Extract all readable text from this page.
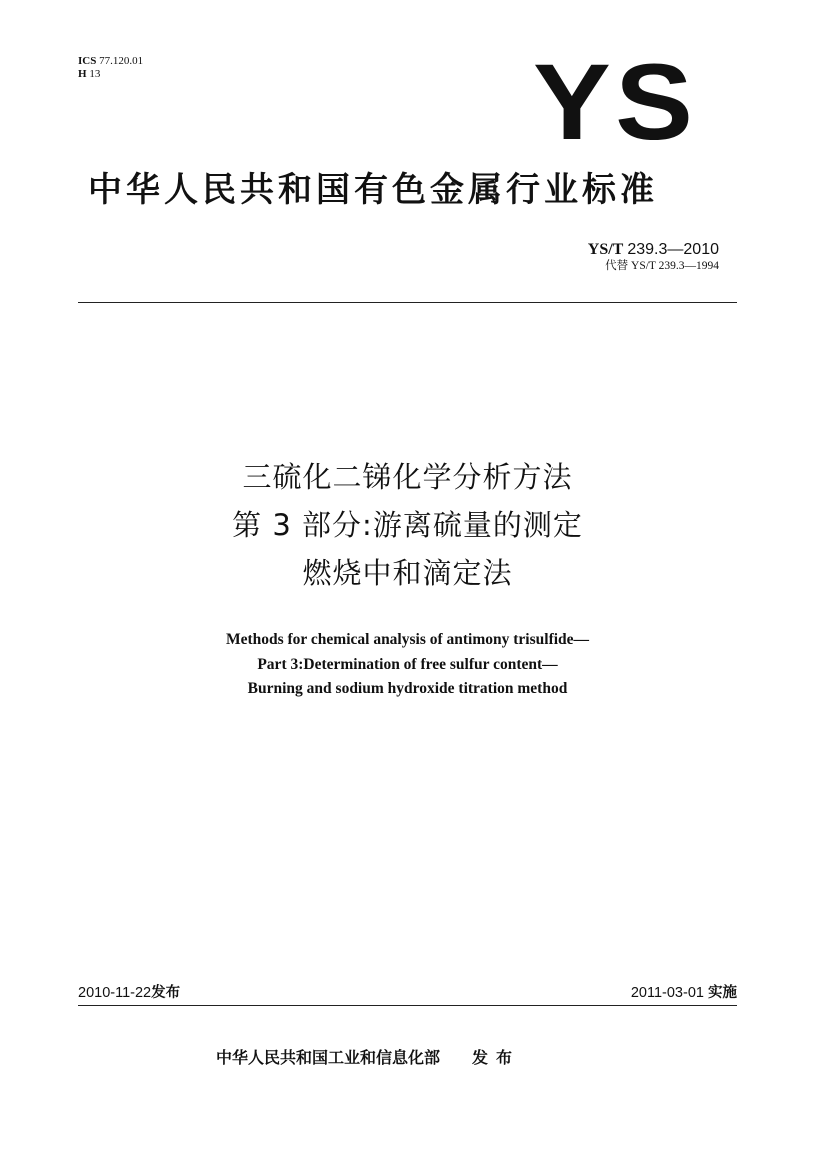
ICS 77.120.01
H 13	YS
中华人民共和国有色金属行业标准
YS/T 239.3—2010
代替 YS/T 239.3—1994
三硫化二锑化学分析方法
第 3 部分:游离硫量的测定
燃烧中和滴定法
Methods for chemical analysis of antimony trisulfide—
Part 3:Determination of free sulfur content—
Burning and sodium hydroxide titration method
2010-11-22发布	2011-03-01 实施
中华人民共和国工业和信息化部 发布
